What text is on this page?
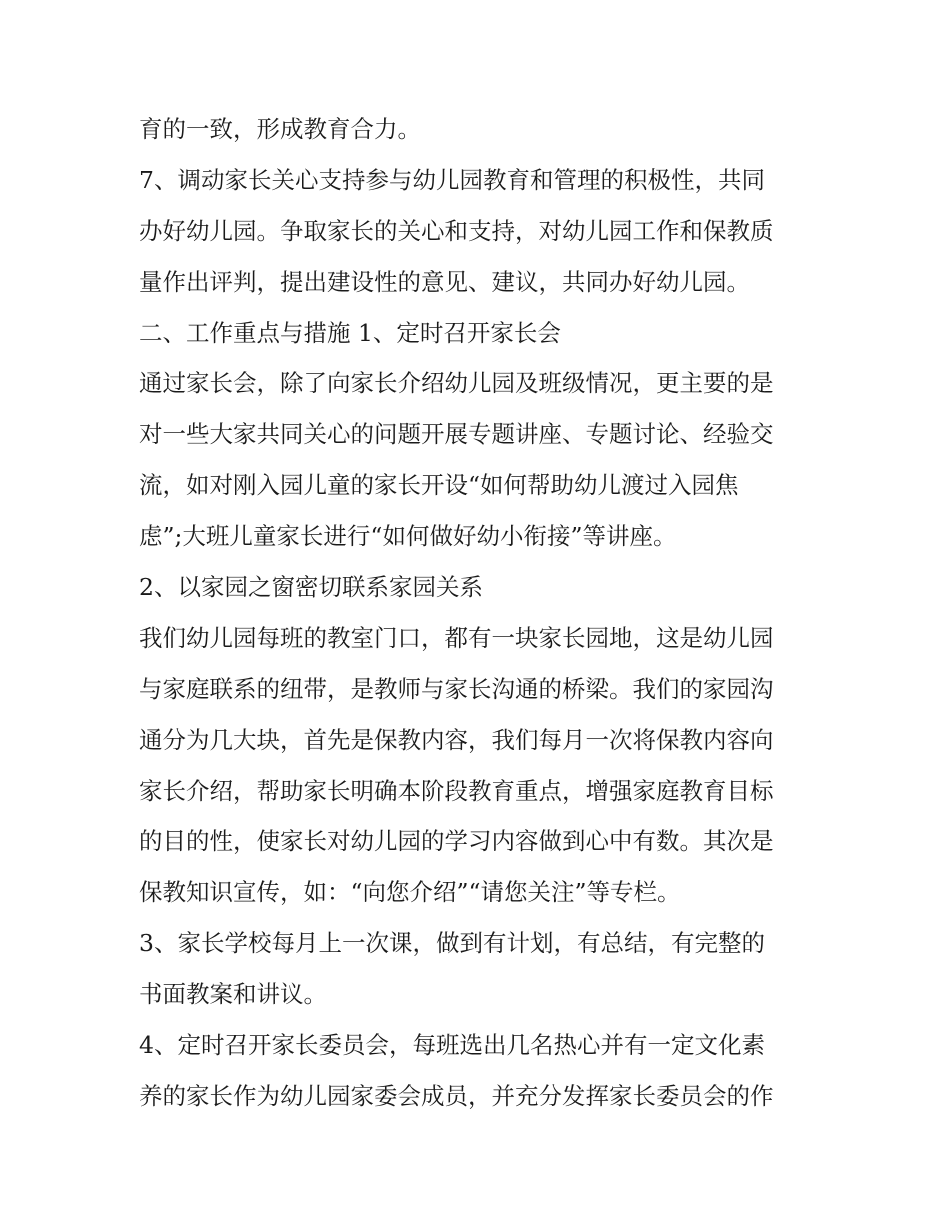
育的一致，形成教育合力。
7、调动家长关心支持参与幼儿园教育和管理的积极性，共同
办好幼儿园。争取家长的关心和支持，对幼儿园工作和保教质
量作出评判，提出建设性的意见、建议，共同办好幼儿园。
二、工作重点与措施 1、定时召开家长会
通过家长会，除了向家长介绍幼儿园及班级情况，更主要的是
对一些大家共同关心的问题开展专题讲座、专题讨论、经验交
流，如对刚入园儿童的家长开设“如何帮助幼儿渡过入园焦
虑”;大班儿童家长进行“如何做好幼小衔接”等讲座。
2、以家园之窗密切联系家园关系
我们幼儿园每班的教室门口，都有一块家长园地，这是幼儿园
与家庭联系的纽带，是教师与家长沟通的桥梁。我们的家园沟
通分为几大块，首先是保教内容，我们每月一次将保教内容向
家长介绍，帮助家长明确本阶段教育重点，增强家庭教育目标
的目的性，使家长对幼儿园的学习内容做到心中有数。其次是
保教知识宣传，如：“向您介绍”“请您关注”等专栏。
3、家长学校每月上一次课，做到有计划，有总结，有完整的
书面教案和讲议。
4、定时召开家长委员会，每班选出几名热心并有一定文化素
养的家长作为幼儿园家委会成员，并充分发挥家长委员会的作
